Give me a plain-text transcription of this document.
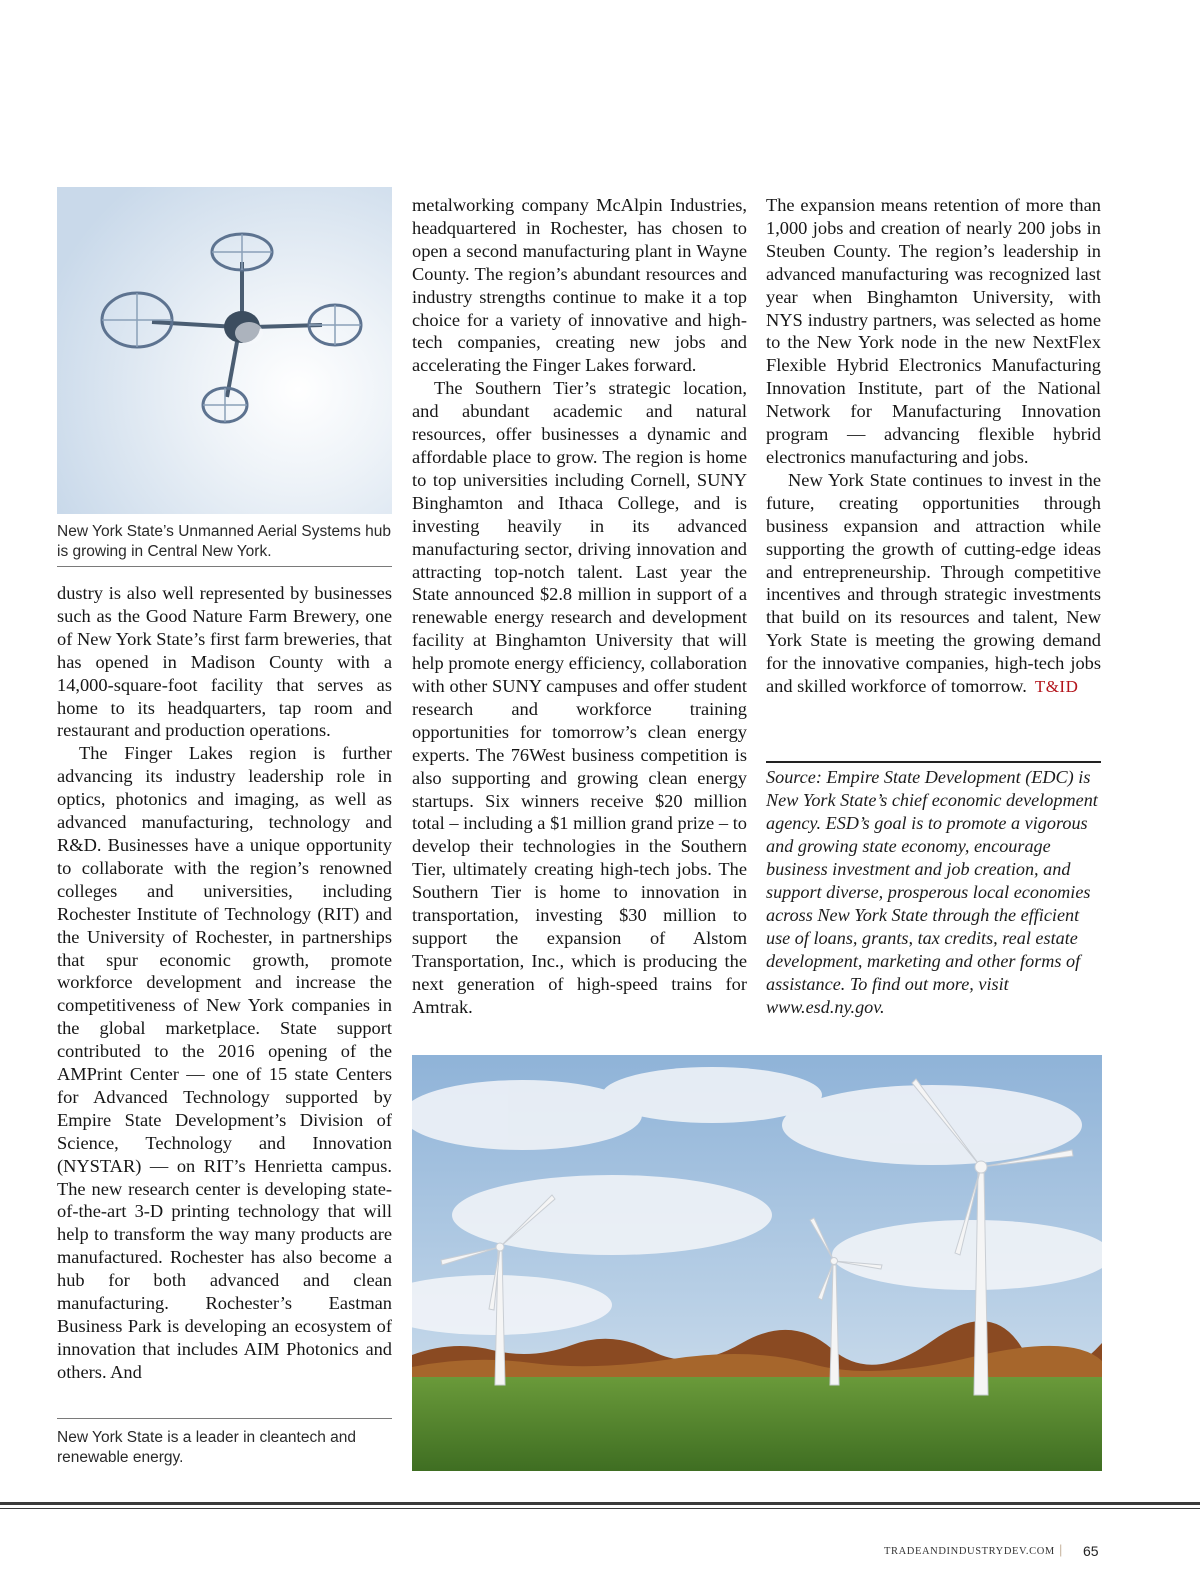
New York State’s Unmanned Aerial Systems hub is growing in Central New York.

dustry is also well represented by businesses such as the Good Nature Farm Brewery, one of New York State’s first farm breweries, that has opened in Madison County with a 14,000-square-foot facility that serves as home to its headquarters, tap room and restaurant and production operations.

The Finger Lakes region is further advancing its industry leadership role in optics, photonics and imaging, as well as advanced manufacturing, technology and R&D. Businesses have a unique opportunity to collaborate with the region’s renowned colleges and universities, including Rochester Institute of Technology (RIT) and the University of Rochester, in partnerships that spur economic growth, promote workforce development and increase the competitiveness of New York companies in the global marketplace. State support contributed to the 2016 opening of the AMPrint Center — one of 15 state Centers for Advanced Technology supported by Empire State Development’s Division of Science, Technology and Innovation (NYSTAR) — on RIT’s Henrietta campus. The new research center is developing state-of-the-art 3-D printing technology that will help to transform the way many products are manufactured. Rochester has also become a hub for both advanced and clean manufacturing. Rochester’s Eastman Business Park is developing an ecosystem of innovation that includes AIM Photonics and others. And

metalworking company McAlpin Industries, headquartered in Rochester, has chosen to open a second manufacturing plant in Wayne County. The region’s abundant resources and industry strengths continue to make it a top choice for a variety of innovative and high-tech companies, creating new jobs and accelerating the Finger Lakes forward.

The Southern Tier’s strategic location, and abundant academic and natural resources, offer businesses a dynamic and affordable place to grow. The region is home to top universities including Cornell, SUNY Binghamton and Ithaca College, and is investing heavily in its advanced manufacturing sector, driving innovation and attracting top-notch talent. Last year the State announced $2.8 million in support of a renewable energy research and development facility at Binghamton University that will help promote energy efficiency, collaboration with other SUNY campuses and offer student research and workforce training opportunities for tomorrow’s clean energy experts. The 76West business competition is also supporting and growing clean energy startups. Six winners receive $20 million total – including a $1 million grand prize – to develop their technologies in the Southern Tier, ultimately creating high-tech jobs. The Southern Tier is home to innovation in transportation, investing $30 million to support the expansion of Alstom Transportation, Inc., which is producing the next generation of high-speed trains for Amtrak.

The expansion means retention of more than 1,000 jobs and creation of nearly 200 jobs in Steuben County. The region’s leadership in advanced manufacturing was recognized last year when Binghamton University, with NYS industry partners, was selected as home to the New York node in the new NextFlex Flexible Hybrid Electronics Manufacturing Innovation Institute, part of the National Network for Manufacturing Innovation program — advancing flexible hybrid electronics manufacturing and jobs.

New York State continues to invest in the future, creating opportunities through business expansion and attraction while supporting the growth of cutting-edge ideas and entrepreneurship. Through competitive incentives and through strategic investments that build on its resources and talent, New York State is meeting the growing demand for the innovative companies, high-tech jobs and skilled workforce of tomorrow. T&ID

Source: Empire State Development (EDC) is New York State’s chief economic development agency. ESD’s goal is to promote a vigorous and growing state economy, encourage business investment and job creation, and support diverse, prosperous local economies across New York State through the efficient use of loans, grants, tax credits, real estate development, marketing and other forms of assistance. To find out more, visit www.esd.ny.gov.
New York State is a leader in cleantech and renewable energy.
TRADEANDINDUSTRYDEV.COM | 65
